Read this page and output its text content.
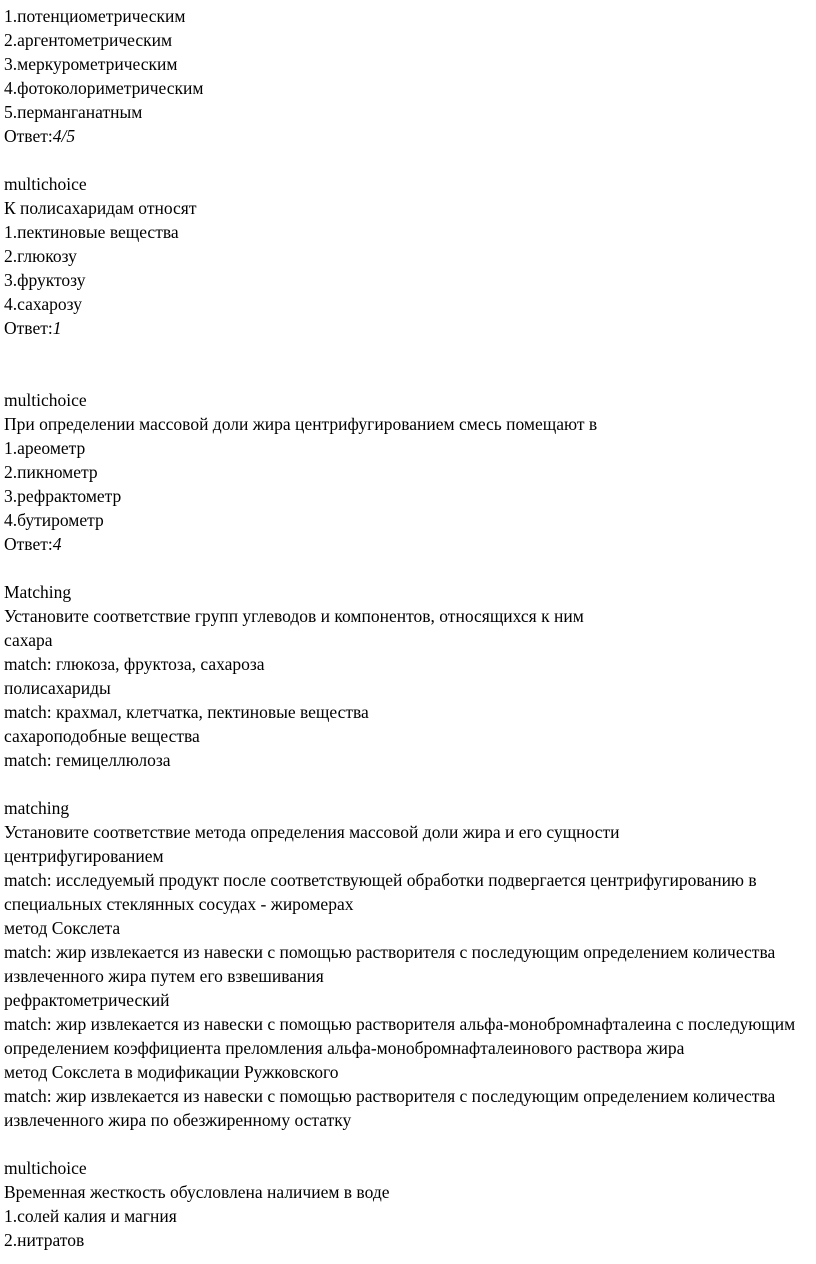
1.потенциометрическим
2.аргентометрическим
3.меркурометрическим
4.фотоколориметрическим
5.перманганатным
Ответ:4/5
multichoice
К полисахаридам относят
1.пектиновые вещества
2.глюкозу
3.фруктозу
4.сахарозу
Ответ:1
multichoice
При определении массовой доли жира центрифугированием смесь помещают в
1.ареометр
2.пикнометр
3.рефрактометр
4.бутирометр
Ответ:4
Matching
Установите соответствие групп углеводов и компонентов, относящихся к ним
сахара
match: глюкоза, фруктоза, сахароза
полисахариды
match: крахмал, клетчатка, пектиновые вещества
сахароподобные вещества
match: гемицеллюлоза
matching
Установите соответствие метода определения массовой доли жира и его сущности
центрифугированием
match: исследуемый продукт после соответствующей обработки подвергается центрифугированию в специальных стеклянных сосудах - жиромерах
метод Сокслета
match: жир извлекается из навески с помощью растворителя с последующим определением количества извлеченного жира путем его взвешивания
рефрактометрический
match: жир извлекается из навески с помощью растворителя альфа-монобромнафталеина с последующим определением коэффициента преломления альфа-монобромнафталеинового раствора жира
метод Сокслета в модификации Ружковского
match: жир извлекается из навески с помощью растворителя с последующим определением количества извлеченного жира по обезжиренному остатку
multichoice
Временная жесткость обусловлена наличием в воде
1.солей калия и магния
2.нитратов
